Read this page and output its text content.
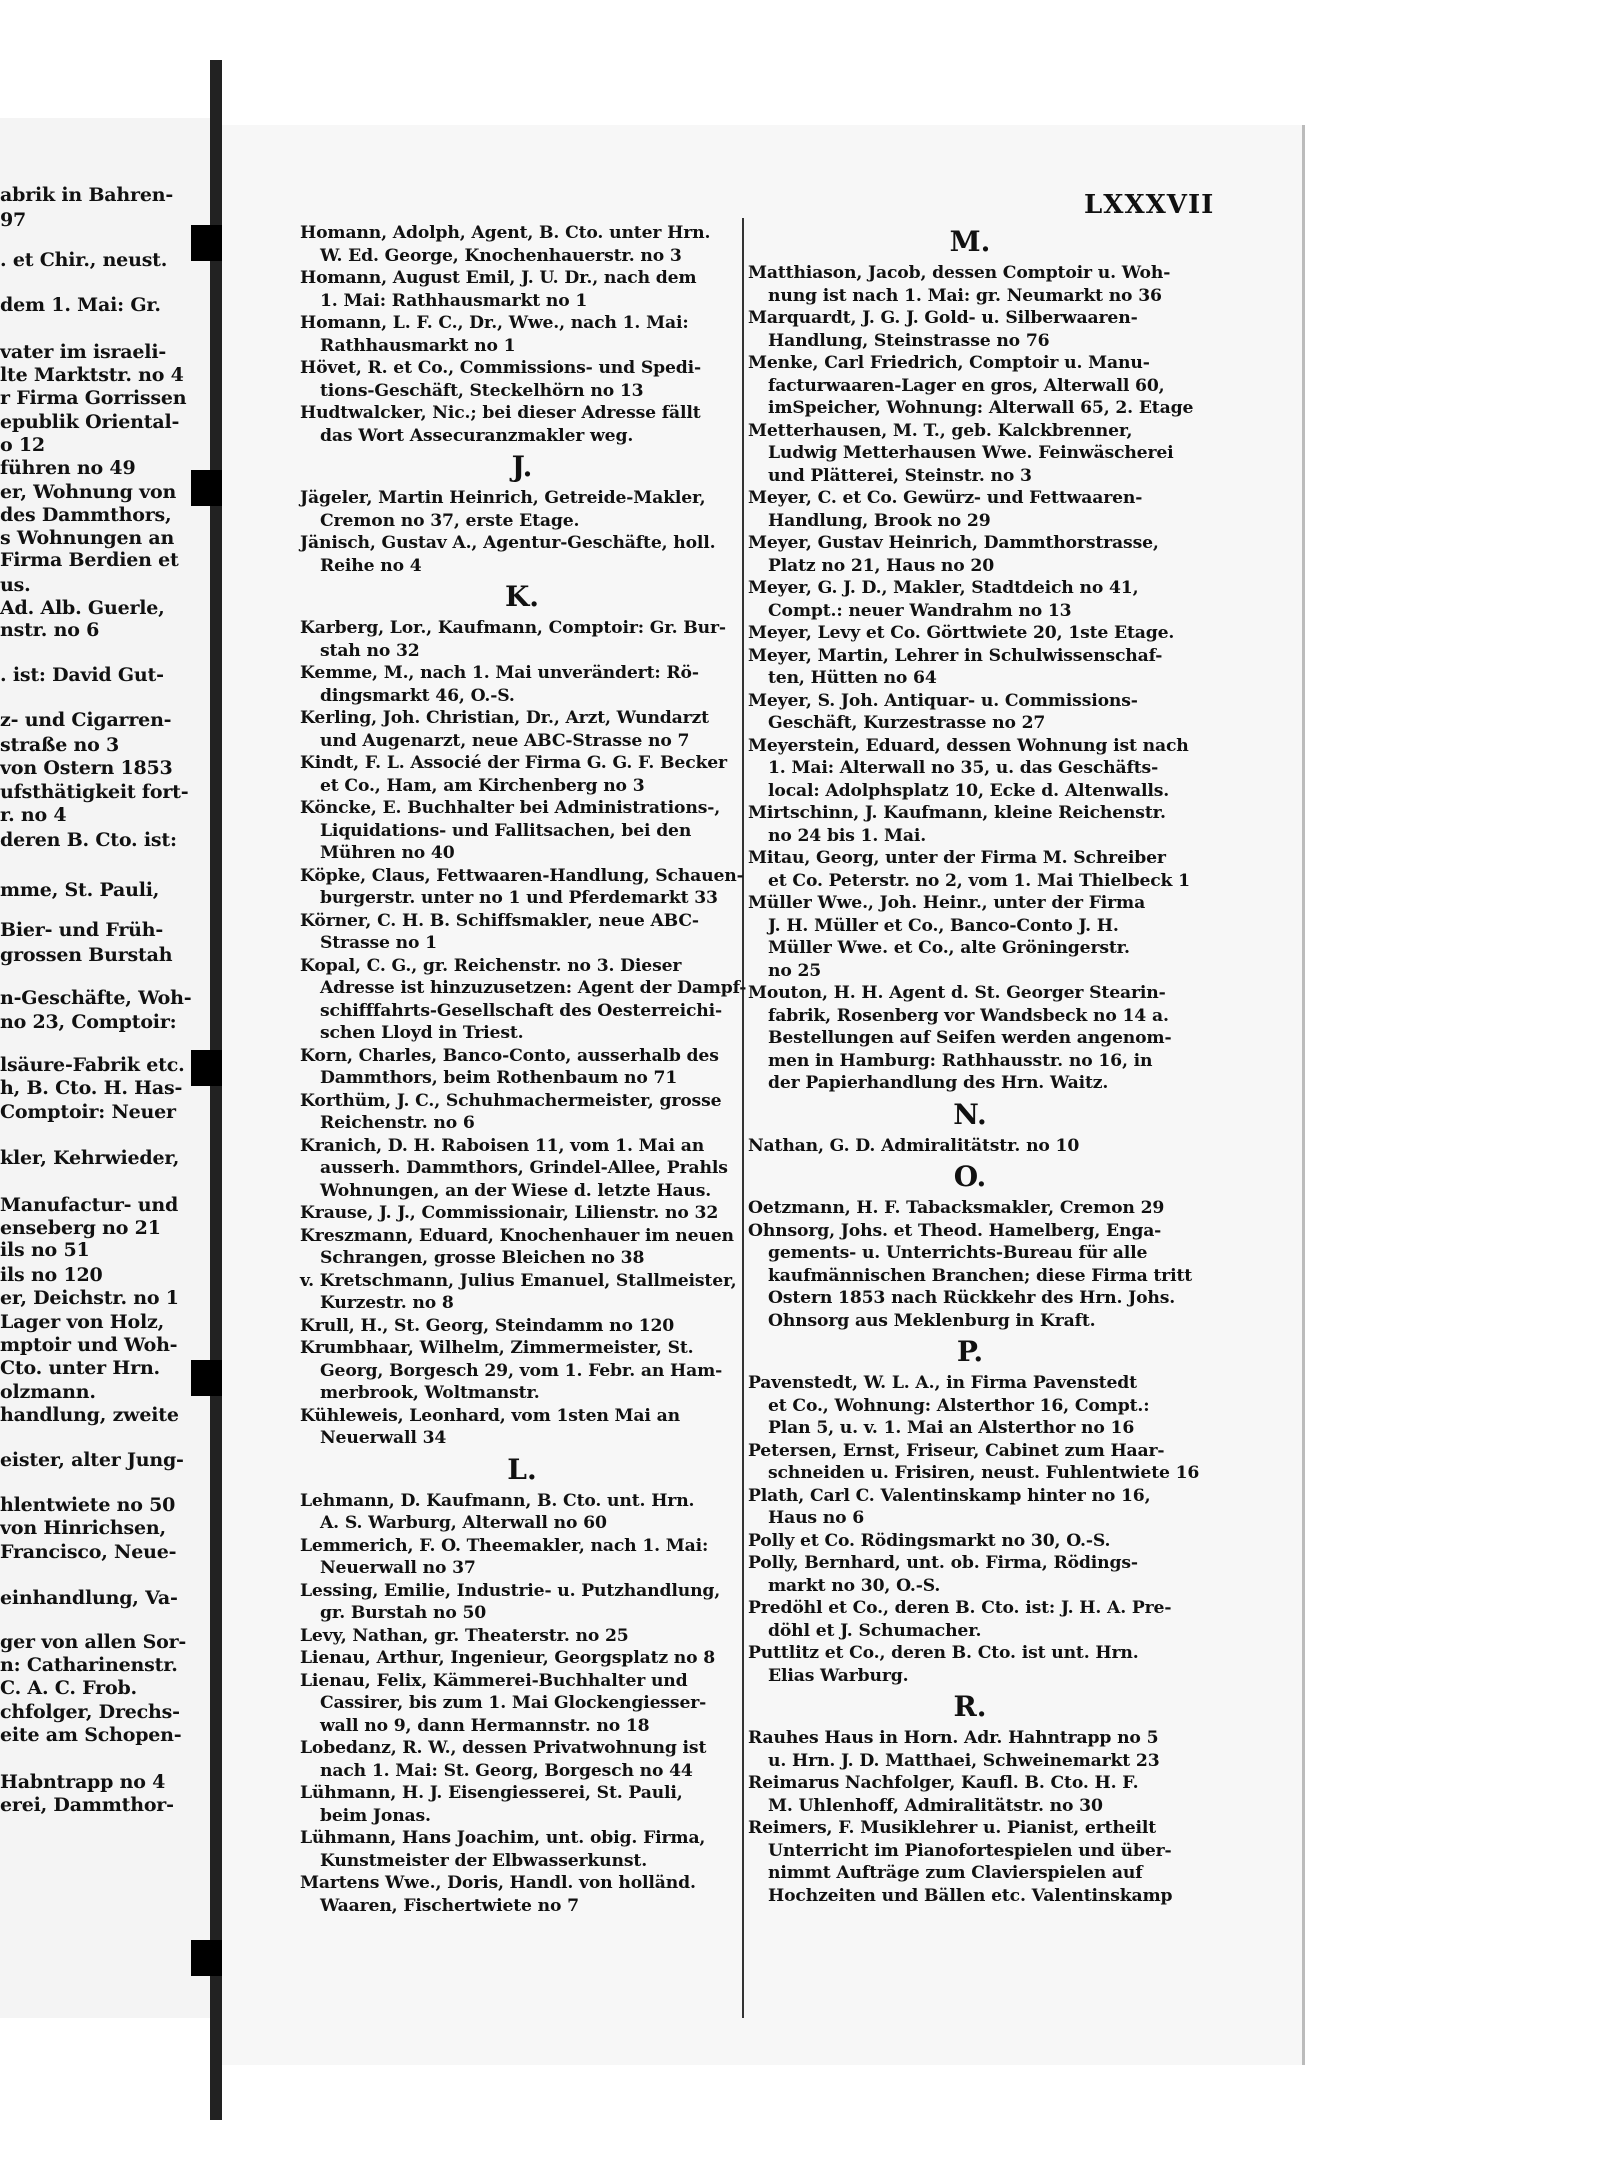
abrik in Bahren-
97
. et Chir., neust.
dem 1. Mai: Gr.
vater im israeli-
lte Marktstr. no 4
r Firma Gorrissen
epublik Oriental-
o 12
führen no 49
er, Wohnung von
des Dammthors,
s Wohnungen an
Firma Berdien et
us.
Ad. Alb. Guerle,
nstr. no 6
. ist: David Gut-
z- und Cigarren-
straße no 3
von Ostern 1853
ufsthätigkeit fort-
r. no 4
deren B. Cto. ist:
mme, St. Pauli,
Bier- und Früh-
grossen Burstah
n-Geschäfte, Woh-
no 23, Comptoir:
lsäure-Fabrik etc.
h, B. Cto. H. Has-
Comptoir: Neuer
kler, Kehrwieder,
Manufactur- und
enseberg no 21
ils no 51
ils no 120
er, Deichstr. no 1
Lager von Holz,
mptoir und Woh-
Cto. unter Hrn.
olzmann.
handlung, zweite
eister, alter Jung-
hlentwiete no 50
von Hinrichsen,
Francisco, Neue-
einhandlung, Va-
ger von allen Sor-
n: Catharinenstr.
C. A. C. Frob.
chfolger, Drechs-
eite am Schopen-
Habntrapp no 4
erei, Dammthor-
LXXXVII
Homann, Adolph, Agent, B. Cto. unter Hrn.
W. Ed. George, Knochenhauerstr. no 3
Homann, August Emil, J. U. Dr., nach dem
1. Mai: Rathhausmarkt no 1
Homann, L. F. C., Dr., Wwe., nach 1. Mai:
Rathhausmarkt no 1
Hövet, R. et Co., Commissions- und Spedi-
tions-Geschäft, Steckelhörn no 13
Hudtwalcker, Nic.; bei dieser Adresse fällt
das Wort Assecuranzmakler weg.
J.
Jägeler, Martin Heinrich, Getreide-Makler,
Cremon no 37, erste Etage.
Jänisch, Gustav A., Agentur-Geschäfte, holl.
Reihe no 4
K.
Karberg, Lor., Kaufmann, Comptoir: Gr. Bur-
stah no 32
Kemme, M., nach 1. Mai unverändert: Rö-
dingsmarkt 46, O.-S.
Kerling, Joh. Christian, Dr., Arzt, Wundarzt
und Augenarzt, neue ABC-Strasse no 7
Kindt, F. L. Associé der Firma G. G. F. Becker
et Co., Ham, am Kirchenberg no 3
Köncke, E. Buchhalter bei Administrations-,
Liquidations- und Fallitsachen, bei den
Mühren no 40
Köpke, Claus, Fettwaaren-Handlung, Schauen-
burgerstr. unter no 1 und Pferdemarkt 33
Körner, C. H. B. Schiffsmakler, neue ABC-
Strasse no 1
Kopal, C. G., gr. Reichenstr. no 3. Dieser
Adresse ist hinzuzusetzen: Agent der Dampf-
schifffahrts-Gesellschaft des Oesterreichi-
schen Lloyd in Triest.
Korn, Charles, Banco-Conto, ausserhalb des
Dammthors, beim Rothenbaum no 71
Korthüm, J. C., Schuhmachermeister, grosse
Reichenstr. no 6
Kranich, D. H. Raboisen 11, vom 1. Mai an
ausserh. Dammthors, Grindel-Allee, Prahls
Wohnungen, an der Wiese d. letzte Haus.
Krause, J. J., Commissionair, Lilienstr. no 32
Kreszmann, Eduard, Knochenhauer im neuen
Schrangen, grosse Bleichen no 38
v. Kretschmann, Julius Emanuel, Stallmeister,
Kurzestr. no 8
Krull, H., St. Georg, Steindamm no 120
Krumbhaar, Wilhelm, Zimmermeister, St.
Georg, Borgesch 29, vom 1. Febr. an Ham-
merbrook, Woltmanstr.
Kühleweis, Leonhard, vom 1sten Mai an
Neuerwall 34
L.
Lehmann, D. Kaufmann, B. Cto. unt. Hrn.
A. S. Warburg, Alterwall no 60
Lemmerich, F. O. Theemakler, nach 1. Mai:
Neuerwall no 37
Lessing, Emilie, Industrie- u. Putzhandlung,
gr. Burstah no 50
Levy, Nathan, gr. Theaterstr. no 25
Lienau, Arthur, Ingenieur, Georgsplatz no 8
Lienau, Felix, Kämmerei-Buchhalter und
Cassirer, bis zum 1. Mai Glockengiesser-
wall no 9, dann Hermannstr. no 18
Lobedanz, R. W., dessen Privatwohnung ist
nach 1. Mai: St. Georg, Borgesch no 44
Lühmann, H. J. Eisengiesserei, St. Pauli,
beim Jonas.
Lühmann, Hans Joachim, unt. obig. Firma,
Kunstmeister der Elbwasserkunst.
Martens Wwe., Doris, Handl. von holländ.
Waaren, Fischertwiete no 7
M.
Matthiason, Jacob, dessen Comptoir u. Woh-
nung ist nach 1. Mai: gr. Neumarkt no 36
Marquardt, J. G. J. Gold- u. Silberwaaren-
Handlung, Steinstrasse no 76
Menke, Carl Friedrich, Comptoir u. Manu-
facturwaaren-Lager en gros, Alterwall 60,
imSpeicher, Wohnung: Alterwall 65, 2. Etage
Metterhausen, M. T., geb. Kalckbrenner,
Ludwig Metterhausen Wwe. Feinwäscherei
und Plätterei, Steinstr. no 3
Meyer, C. et Co. Gewürz- und Fettwaaren-
Handlung, Brook no 29
Meyer, Gustav Heinrich, Dammthorstrasse,
Platz no 21, Haus no 20
Meyer, G. J. D., Makler, Stadtdeich no 41,
Compt.: neuer Wandrahm no 13
Meyer, Levy et Co. Görttwiete 20, 1ste Etage.
Meyer, Martin, Lehrer in Schulwissenschaf-
ten, Hütten no 64
Meyer, S. Joh. Antiquar- u. Commissions-
Geschäft, Kurzestrasse no 27
Meyerstein, Eduard, dessen Wohnung ist nach
1. Mai: Alterwall no 35, u. das Geschäfts-
local: Adolphsplatz 10, Ecke d. Altenwalls.
Mirtschinn, J. Kaufmann, kleine Reichenstr.
no 24 bis 1. Mai.
Mitau, Georg, unter der Firma M. Schreiber
et Co. Peterstr. no 2, vom 1. Mai Thielbeck 1
Müller Wwe., Joh. Heinr., unter der Firma
J. H. Müller et Co., Banco-Conto J. H.
Müller Wwe. et Co., alte Gröningerstr.
no 25
Mouton, H. H. Agent d. St. Georger Stearin-
fabrik, Rosenberg vor Wandsbeck no 14 a.
Bestellungen auf Seifen werden angenom-
men in Hamburg: Rathhausstr. no 16, in
der Papierhandlung des Hrn. Waitz.
N.
Nathan, G. D. Admiralitätstr. no 10
O.
Oetzmann, H. F. Tabacksmakler, Cremon 29
Ohnsorg, Johs. et Theod. Hamelberg, Enga-
gements- u. Unterrichts-Bureau für alle
kaufmännischen Branchen; diese Firma tritt
Ostern 1853 nach Rückkehr des Hrn. Johs.
Ohnsorg aus Meklenburg in Kraft.
P.
Pavenstedt, W. L. A., in Firma Pavenstedt
et Co., Wohnung: Alsterthor 16, Compt.:
Plan 5, u. v. 1. Mai an Alsterthor no 16
Petersen, Ernst, Friseur, Cabinet zum Haar-
schneiden u. Frisiren, neust. Fuhlentwiete 16
Plath, Carl C. Valentinskamp hinter no 16,
Haus no 6
Polly et Co. Rödingsmarkt no 30, O.-S.
Polly, Bernhard, unt. ob. Firma, Rödings-
markt no 30, O.-S.
Predöhl et Co., deren B. Cto. ist: J. H. A. Pre-
döhl et J. Schumacher.
Puttlitz et Co., deren B. Cto. ist unt. Hrn.
Elias Warburg.
R.
Rauhes Haus in Horn. Adr. Hahntrapp no 5
u. Hrn. J. D. Matthaei, Schweinemarkt 23
Reimarus Nachfolger, Kaufl. B. Cto. H. F.
M. Uhlenhoff, Admiralitätstr. no 30
Reimers, F. Musiklehrer u. Pianist, ertheilt
Unterricht im Pianofortespielen und über-
nimmt Aufträge zum Clavierspielen auf
Hochzeiten und Bällen etc. Valentinskamp
